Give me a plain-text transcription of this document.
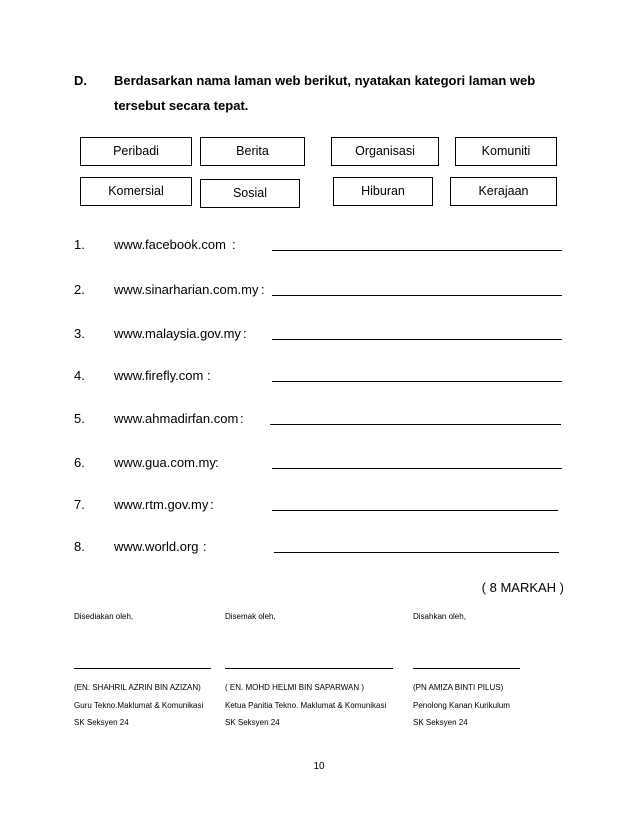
D. Berdasarkan nama laman web berikut, nyatakan kategori laman web
tersebut secara tepat.
Peribadi	Berita	Organisasi	Komuniti
Komersial	Sosial	Hiburan	Kerajaan
1. www.facebook.com :
2. www.sinarharian.com.my :
3. www.malaysia.gov.my :
4. www.firefly.com :
5. www.ahmadirfan.com :
6. www.gua.com.my :
7. www.rtm.gov.my :
8. www.world.org :
( 8 MARKAH )
Disediakan oleh,	Disemak oleh,	Disahkan oleh,
(EN. SHAHRIL AZRIN BIN AZIZAN)	( EN. MOHD HELMI BIN SAPARWAN )	(PN AMIZA BINTI PILUS)
Guru Tekno.Maklumat & Komunikasi	Ketua Panitia Tekno. Maklumat & Komunikasi	Penolong Kanan Kurikulum
SK Seksyen 24	SK Seksyen 24	SK Seksyen 24
10
